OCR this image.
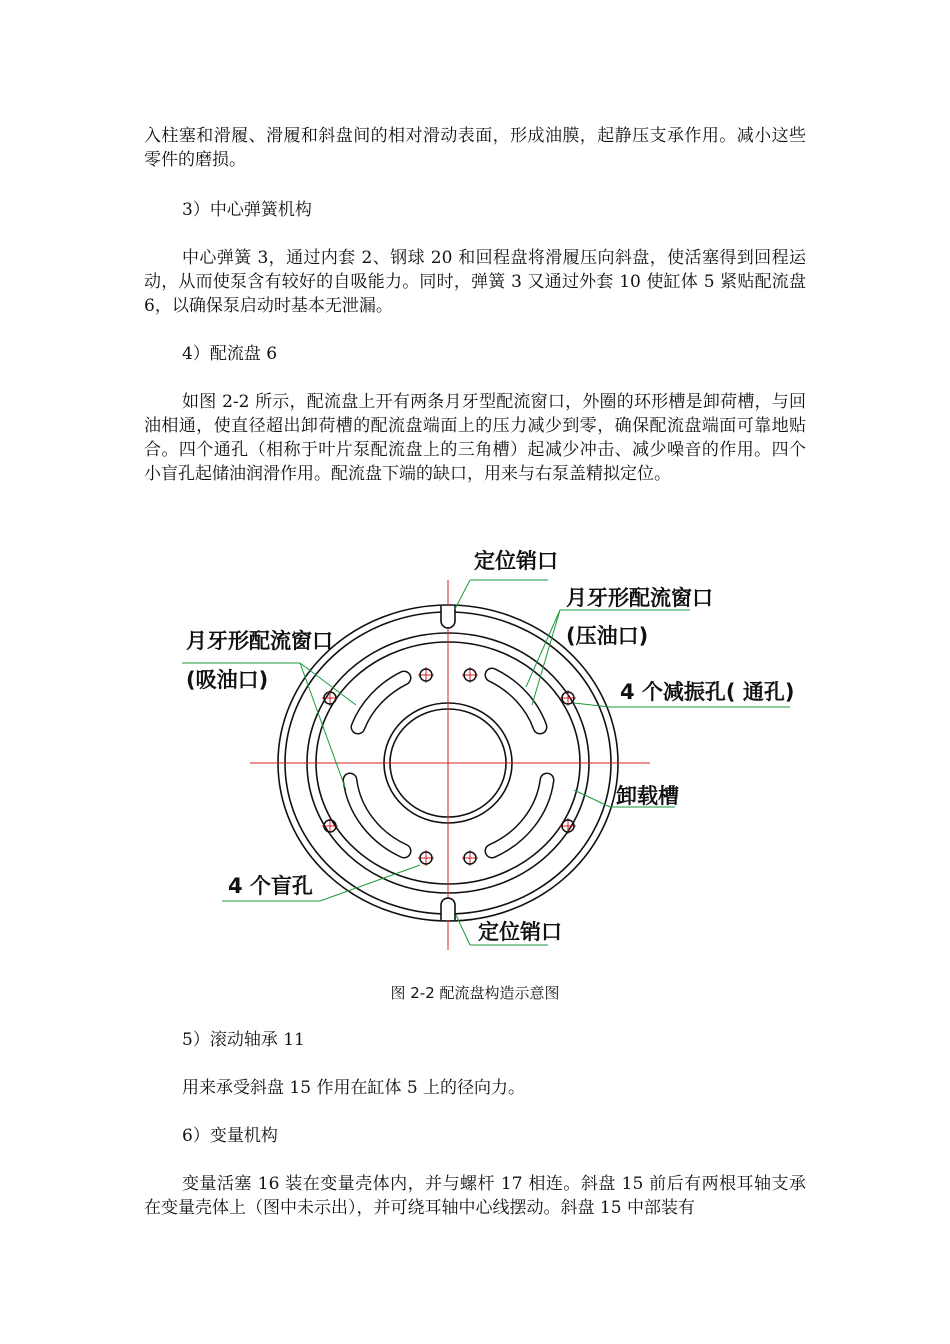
入柱塞和滑履、滑履和斜盘间的相对滑动表面，形成油膜，起静压支承作用。减小这些零件的磨损。

3）中心弹簧机构

中心弹簧 3，通过内套 2、钢球 20 和回程盘将滑履压向斜盘，使活塞得到回程运动，从而使泵含有较好的自吸能力。同时，弹簧 3 又通过外套 10 使缸体 5 紧贴配流盘 6，以确保泵启动时基本无泄漏。

4）配流盘 6

如图 2-2 所示，配流盘上开有两条月牙型配流窗口，外圈的环形槽是卸荷槽，与回油相通，使直径超出卸荷槽的配流盘端面上的压力减少到零，确保配流盘端面可靠地贴合。四个通孔（相称于叶片泵配流盘上的三角槽）起减少冲击、减少噪音的作用。四个小盲孔起储油润滑作用。配流盘下端的缺口，用来与右泵盖精拟定位。

定位销口
月牙形配流窗口
(压油口)
月牙形配流窗口
(吸油口)	4 个减振孔( 通孔)
卸载槽
4 个盲孔
定位销口
图 2-2 配流盘构造示意图

5）滚动轴承 11

用来承受斜盘 15 作用在缸体 5 上的径向力。

6）变量机构

变量活塞 16 装在变量壳体内，并与螺杆 17 相连。斜盘 15 前后有两根耳轴支承在变量壳体上（图中未示出），并可绕耳轴中心线摆动。斜盘 15 中部装有
